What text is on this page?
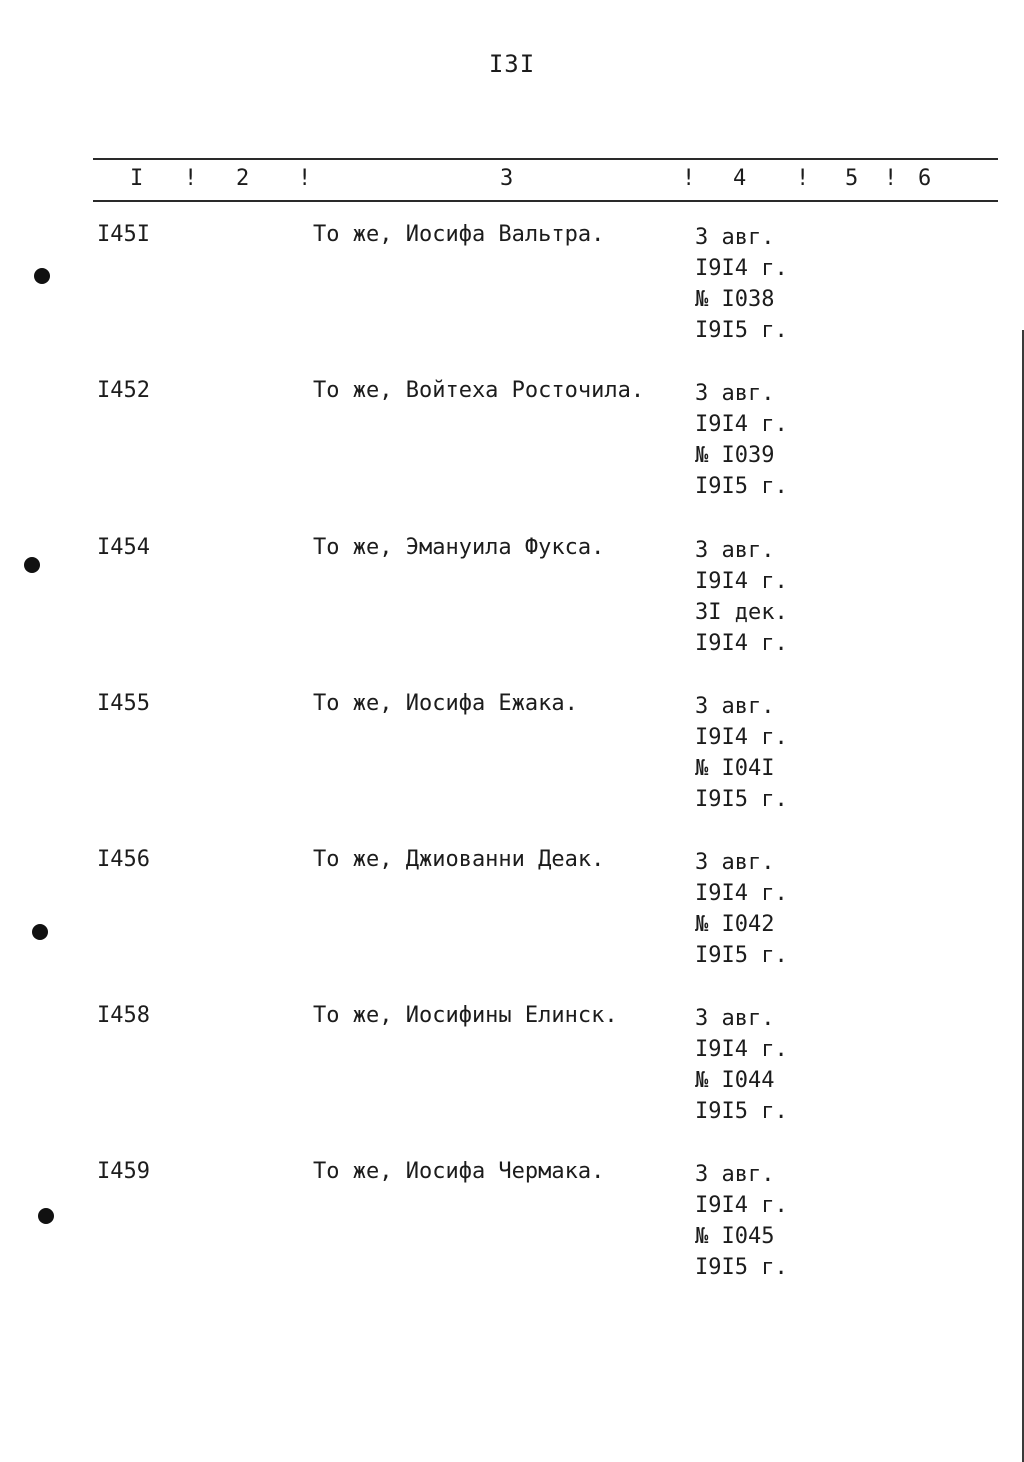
I3I
I ! 2 !	3	! 4 ! 5 ! 6
I45I	То же, Иосифа Вальтра.	3 авг.
I9I4 г.
№ I038
I9I5 г.
I452	То же, Войтеха Росточила. 3 авг.
I9I4 г.
№ I039
I9I5 г.
I454	То же, Эмануила Фукса.	3 авг.
I9I4 г.
3I дек.
I9I4 г.
I455	То же, Иосифа Ежака.	3 авг.
I9I4 г.
№ I04I
I9I5 г.
I456	То же, Джиованни Деак.	3 авг.
I9I4 г.
№ I042
I9I5 г.
I458	То же, Иосифины Елинск.	3 авг.
I9I4 г.
№ I044
I9I5 г.
I459	То же, Иосифа Чермака.	3 авг.
I9I4 г.
№ I045
I9I5 г.
